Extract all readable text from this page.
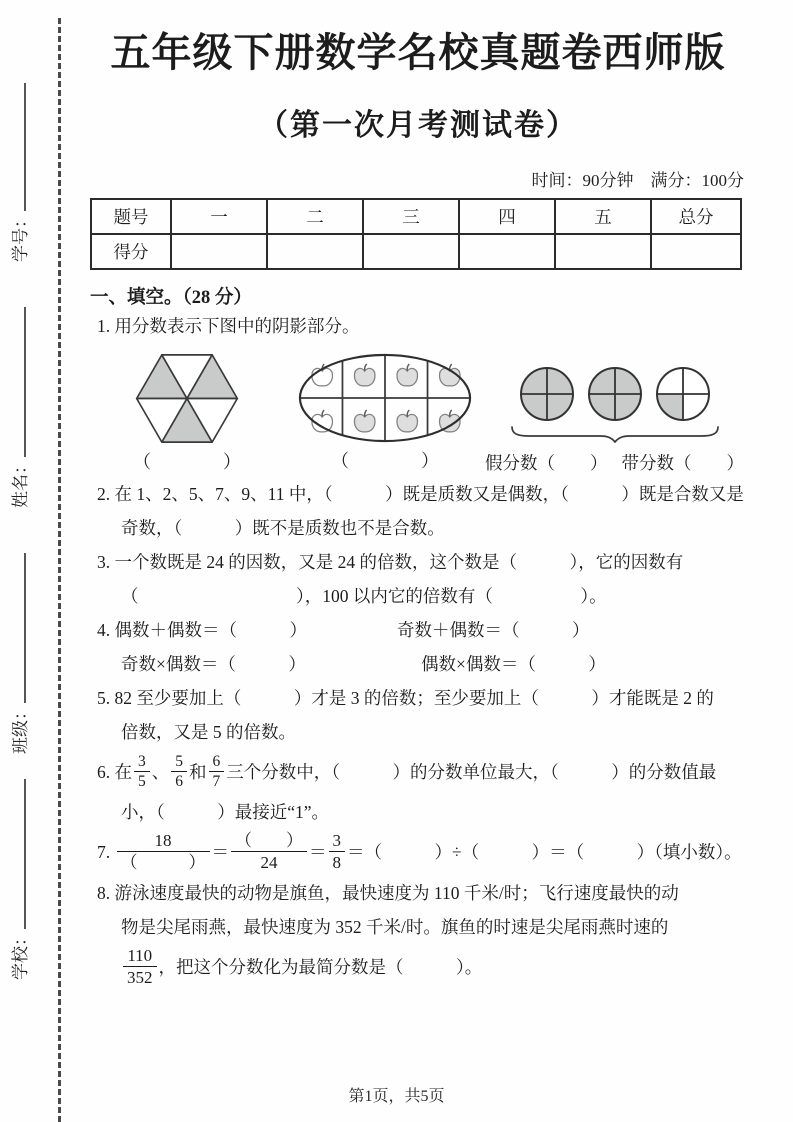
学校：
班级：
姓名：
学号：
五年级下册数学名校真题卷西师版
（第一次月考测试卷）
时间：90分钟　满分：100分
题号	一	二	三	四	五	总分
得分						
一、填空。（28 分）
1. 用分数表示下图中的阴影部分。
（　　　　）	（　　　　）	假分数（　　） 带分数（　　）
2. 在 1、2、5、7、9、11 中，（　　　）既是质数又是偶数，（　　　）既是合数又是
奇数，（　　　）既不是质数也不是合数。
3. 一个数既是 24 的因数，又是 24 的倍数，这个数是（　　　），它的因数有
（　　　　　　　　　），100 以内它的倍数有（　　　　　）。
4. 偶数＋偶数＝（　　　）	奇数＋偶数＝（　　　）
奇数×偶数＝（　　　）	偶数×偶数＝（　　　）
5. 82 至少要加上（　　　）才是 3 的倍数；至少要加上（　　　）才能既是 2 的
倍数，又是 5 的倍数。
6. 在 $\frac{3}{5}$ 、 $\frac{5}{6}$ 和 $\frac{6}{7}$ 三个分数中，（　　　）的分数单位最大，（　　　）的分数值最
小，（　　　）最接近“1”。
7. $\frac{18}{( )} = \frac{( )}{24} = \frac{3}{8}$ ＝（　　　）÷（　　　）＝（　　　）（填小数）。
8. 游泳速度最快的动物是旗鱼，最快速度为 110 千米/时；飞行速度最快的动
物是尖尾雨燕，最快速度为 352 千米/时。旗鱼的时速是尖尾雨燕时速的
$\frac{110}{352}$ ，把这个分数化为最简分数是（　　　）。
第1页，共5页
